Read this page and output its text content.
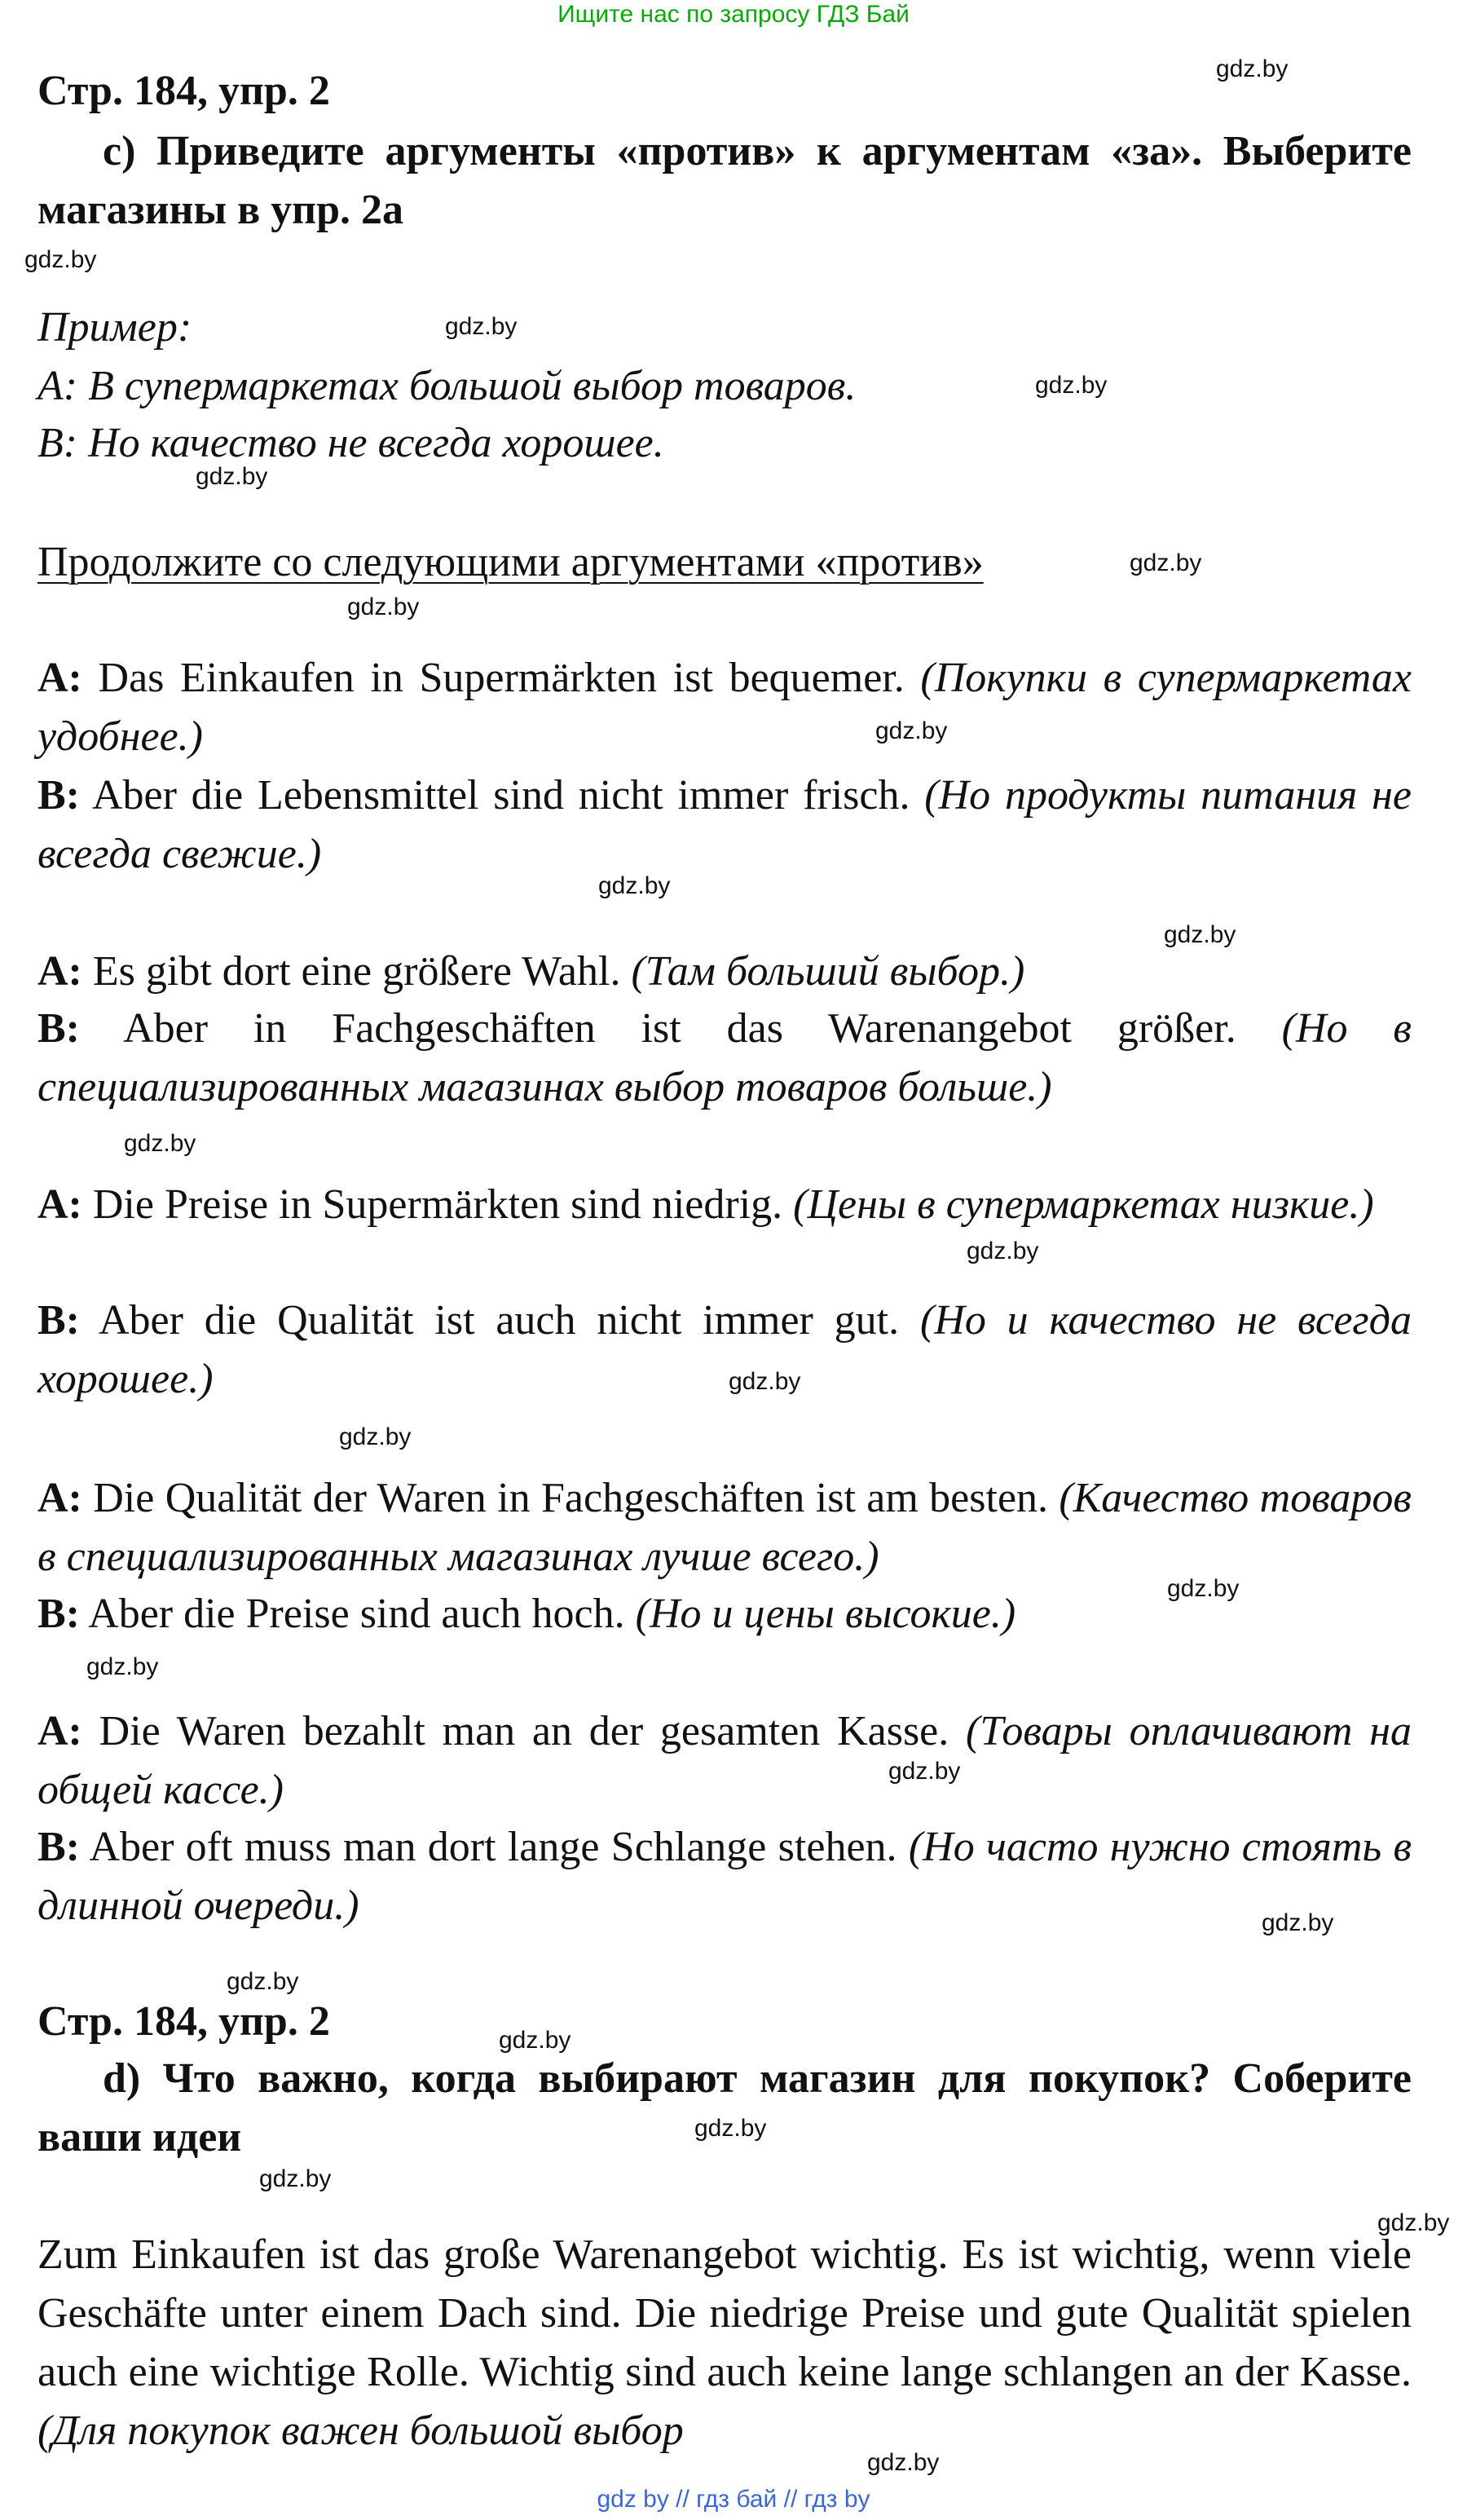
Ищите нас по запросу ГДЗ Бай
Стр. 184, упр. 2
c) Приведите аргументы «против» к аргументам «за». Выберите магазины в упр. 2а
Пример:
А: В супермаркетах большой выбор товаров.
В: Но качество не всегда хорошее.
Продолжите со следующими аргументами «против»
A: Das Einkaufen in Supermärkten ist bequemer. (Покупки в супермаркетах удобнее.)
B: Aber die Lebensmittel sind nicht immer frisch. (Но продукты питания не всегда свежие.)
A: Es gibt dort eine größere Wahl. (Там больший выбор.)
B: Aber in Fachgeschäften ist das Warenangebot größer. (Но в специализированных магазинах выбор товаров больше.)
A: Die Preise in Supermärkten sind niedrig. (Цены в супермаркетах низкие.)
B: Aber die Qualität ist auch nicht immer gut. (Но и качество не всегда хорошее.)
A: Die Qualität der Waren in Fachgeschäften ist am besten. (Качество товаров в специализированных магазинах лучше всего.)
B: Aber die Preise sind auch hoch. (Но и цены высокие.)
A: Die Waren bezahlt man an der gesamten Kasse. (Товары оплачивают на общей кассе.)
B: Aber oft muss man dort lange Schlange stehen. (Но часто нужно стоять в длинной очереди.)
Стр. 184, упр. 2
d) Что важно, когда выбирают магазин для покупок? Соберите ваши идеи
Zum Einkaufen ist das große Warenangebot wichtig. Es ist wichtig, wenn viele Geschäfte unter einem Dach sind. Die niedrige Preise und gute Qualität spielen auch eine wichtige Rolle. Wichtig sind auch keine lange schlangen an der Kasse. (Для покупок важен большой выбор
gdz.by
gdz.by
gdz.by
gdz.by
gdz.by
gdz.by
gdz.by
gdz.by
gdz.by
gdz.by
gdz.by
gdz.by
gdz.by
gdz.by
gdz.by
gdz.by
gdz.by
gdz.by
gdz.by
gdz.by
gdz.by
gdz.by
gdz.by
gdz.by
gdz by // гдз бай // гдз by
